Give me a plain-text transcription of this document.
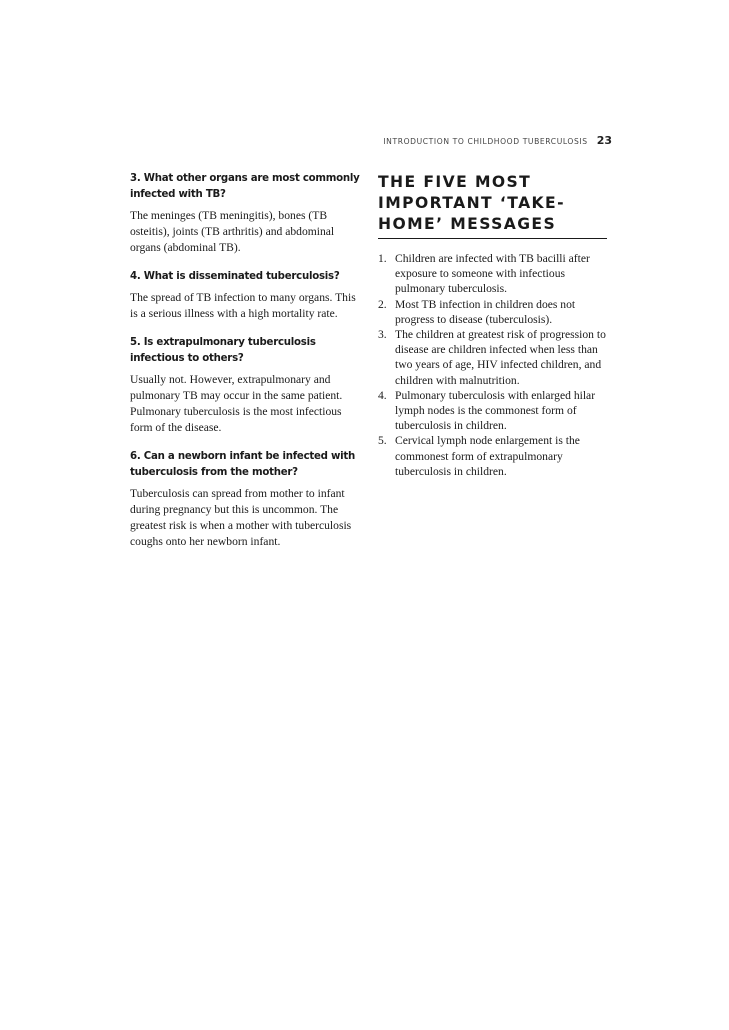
INTRODUCTION TO CHILDHOOD TUBERCULOSIS 23

3. What other organs are most commonly infected with TB?

The meninges (TB meningitis), bones (TB osteitis), joints (TB arthritis) and abdominal organs (abdominal TB).

4. What is disseminated tuberculosis?

The spread of TB infection to many organs. This is a serious illness with a high mortality rate.

5. Is extrapulmonary tuberculosis infectious to others?

Usually not. However, extrapulmonary and pulmonary TB may occur in the same patient. Pulmonary tuberculosis is the most infectious form of the disease.

6. Can a newborn infant be infected with tuberculosis from the mother?

Tuberculosis can spread from mother to infant during pregnancy but this is uncommon. The greatest risk is when a mother with tuberculosis coughs onto her newborn infant.

THE FIVE MOST IMPORTANT ‘TAKE-HOME’ MESSAGES
1. Children are infected with TB bacilli after exposure to someone with infectious pulmonary tuberculosis.
2. Most TB infection in children does not progress to disease (tuberculosis).
3. The children at greatest risk of progression to disease are children infected when less than two years of age, HIV infected children, and children with malnutrition.
4. Pulmonary tuberculosis with enlarged hilar lymph nodes is the commonest form of tuberculosis in children.
5. Cervical lymph node enlargement is the commonest form of extrapulmonary tuberculosis in children.
